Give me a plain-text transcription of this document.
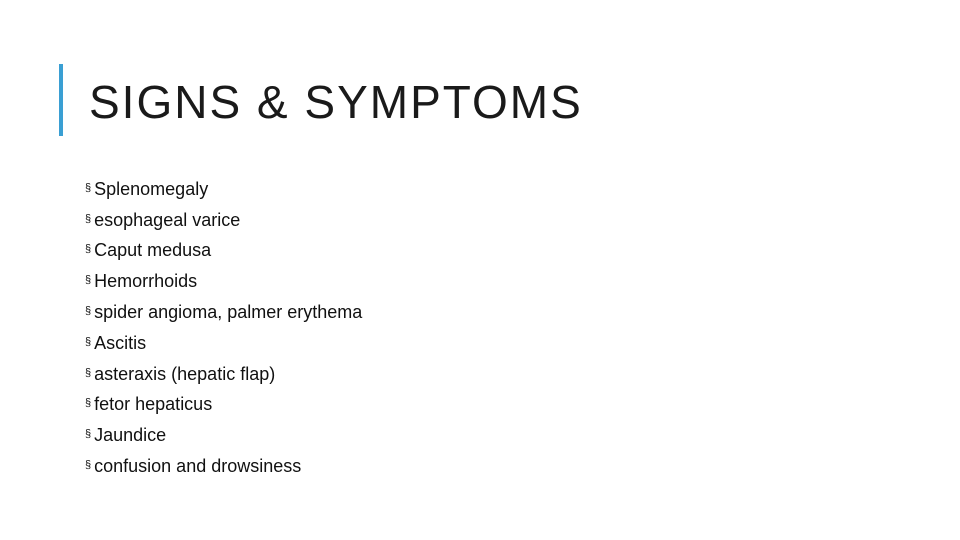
SIGNS & SYMPTOMS
§ Splenomegaly
§ esophageal varice
§ Caput medusa
§ Hemorrhoids
§ spider angioma, palmer erythema
§ Ascitis
§ asteraxis (hepatic flap)
§ fetor hepaticus
§ Jaundice
§ confusion and drowsiness
